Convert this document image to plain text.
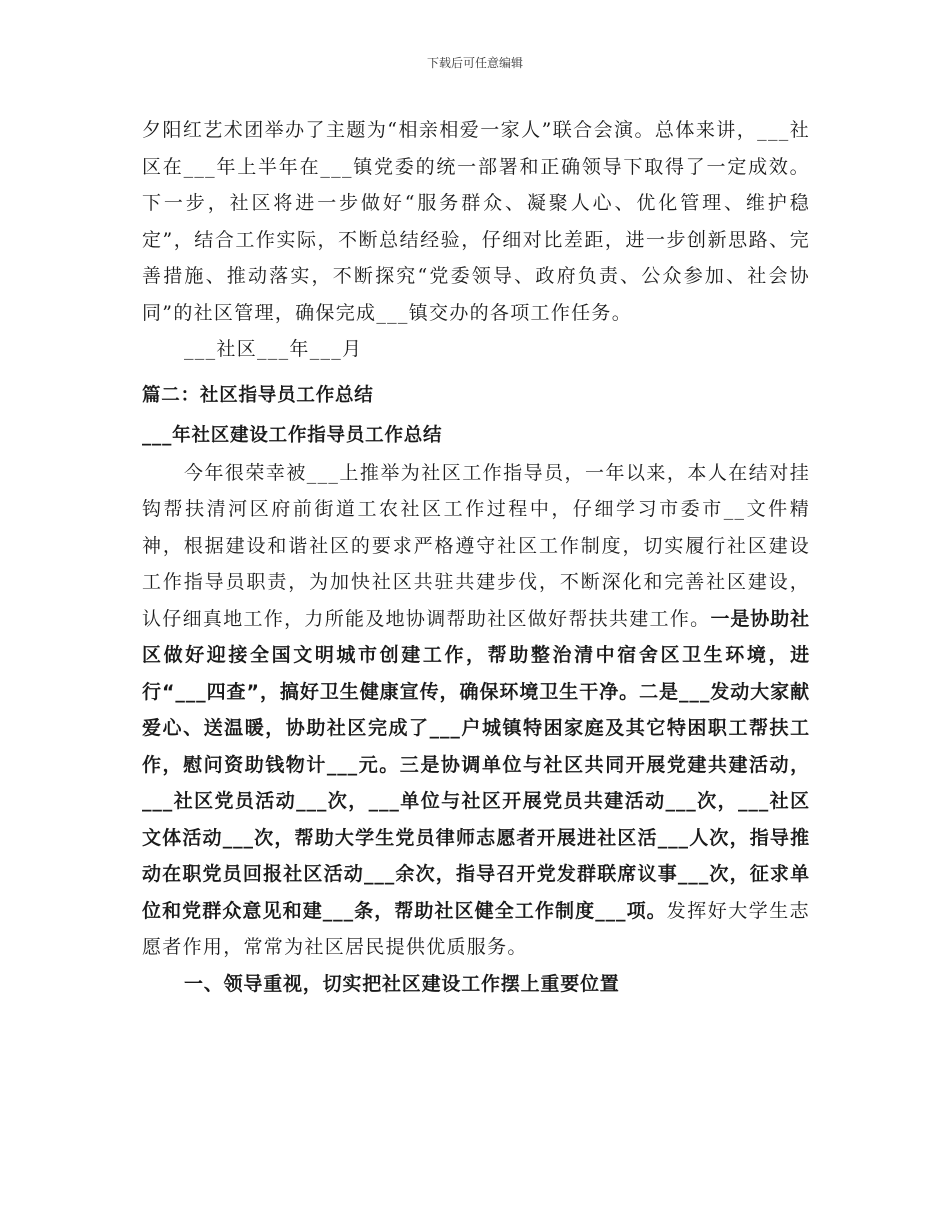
下载后可任意编辑

夕阳红艺术团举办了主题为“相亲相爱一家人”联合会演。总体来讲，___社区在___年上半年在___镇党委的统一部署和正确领导下取得了一定成效。下一步，社区将进一步做好“服务群众、凝聚人心、优化管理、维护稳定”，结合工作实际，不断总结经验，仔细对比差距，进一步创新思路、完善措施、推动落实，不断探究“党委领导、政府负责、公众参加、社会协同”的社区管理，确保完成___镇交办的各项工作任务。

___社区___年___月

篇二：社区指导员工作总结

___年社区建设工作指导员工作总结

今年很荣幸被___上推举为社区工作指导员，一年以来，本人在结对挂钩帮扶清河区府前街道工农社区工作过程中，仔细学习市委市__文件精神，根据建设和谐社区的要求严格遵守社区工作制度，切实履行社区建设工作指导员职责，为加快社区共驻共建步伐，不断深化和完善社区建设，认仔细真地工作，力所能及地协调帮助社区做好帮扶共建工作。一是协助社区做好迎接全国文明城市创建工作，帮助整治清中宿舍区卫生环境，进行“___四查”，搞好卫生健康宣传，确保环境卫生干净。二是___发动大家献爱心、送温暖，协助社区完成了___户城镇特困家庭及其它特困职工帮扶工作，慰问资助钱物计___元。三是协调单位与社区共同开展党建共建活动，___社区党员活动___次，___单位与社区开展党员共建活动___次，___社区文体活动___次，帮助大学生党员律师志愿者开展进社区活___人次，指导推动在职党员回报社区活动___余次，指导召开党发群联席议事___次，征求单位和党群众意见和建___条，帮助社区健全工作制度___项。发挥好大学生志愿者作用，常常为社区居民提供优质服务。

一、领导重视，切实把社区建设工作摆上重要位置
